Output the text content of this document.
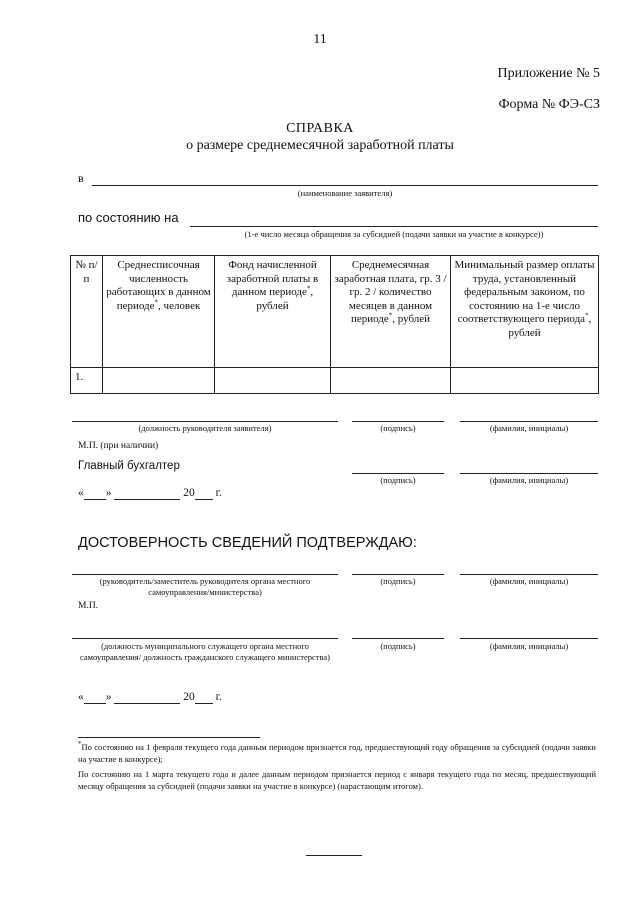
11
Приложение № 5
Форма № ФЭ-СЗ
СПРАВКА
о размере среднемесячной заработной платы
в
(наименование заявителя)
по состоянию на
(1-е число месяца обращения за субсидией (подачи заявки на участие в конкурсе))
№ п/п	Среднесписочная численность работающих в данном периоде*, человек	Фонд начисленной заработной платы в данном периоде*, рублей	Среднемесячная заработная плата, гр. 3 / гр. 2 / количество месяцев в данном периоде*, рублей	Минимальный размер оплаты труда, установленный федеральным законом, по состоянию на 1-е число соответствующего периода*, рублей
1.				
(должность руководителя заявителя)	(подпись)	(фамилия, инициалы)
М.П. (при наличии)
Главный бухгалтер
(подпись)	(фамилия, инициалы)
« »	20 г.
ДОСТОВЕРНОСТЬ СВЕДЕНИЙ ПОДТВЕРЖДАЮ:
(руководитель/заместитель руководителя органа местного самоуправления/министерства)
(подпись)	(фамилия, инициалы)
М.П.
(должность муниципального служащего органа местного самоуправления/ должность гражданского служащего министерства)
(подпись)	(фамилия, инициалы)
« »	20 г.
*По состоянию на 1 февраля текущего года данным периодом признается год, предшествующий году обращения за субсидией (подачи заявки на участие в конкурсе);
По состоянию на 1 марта текущего года и далее данным периодом признается период с января текущего года по месяц, предшествующий месяцу обращения за субсидией (подачи заявки на участие в конкурсе) (нарастающим итогом).
